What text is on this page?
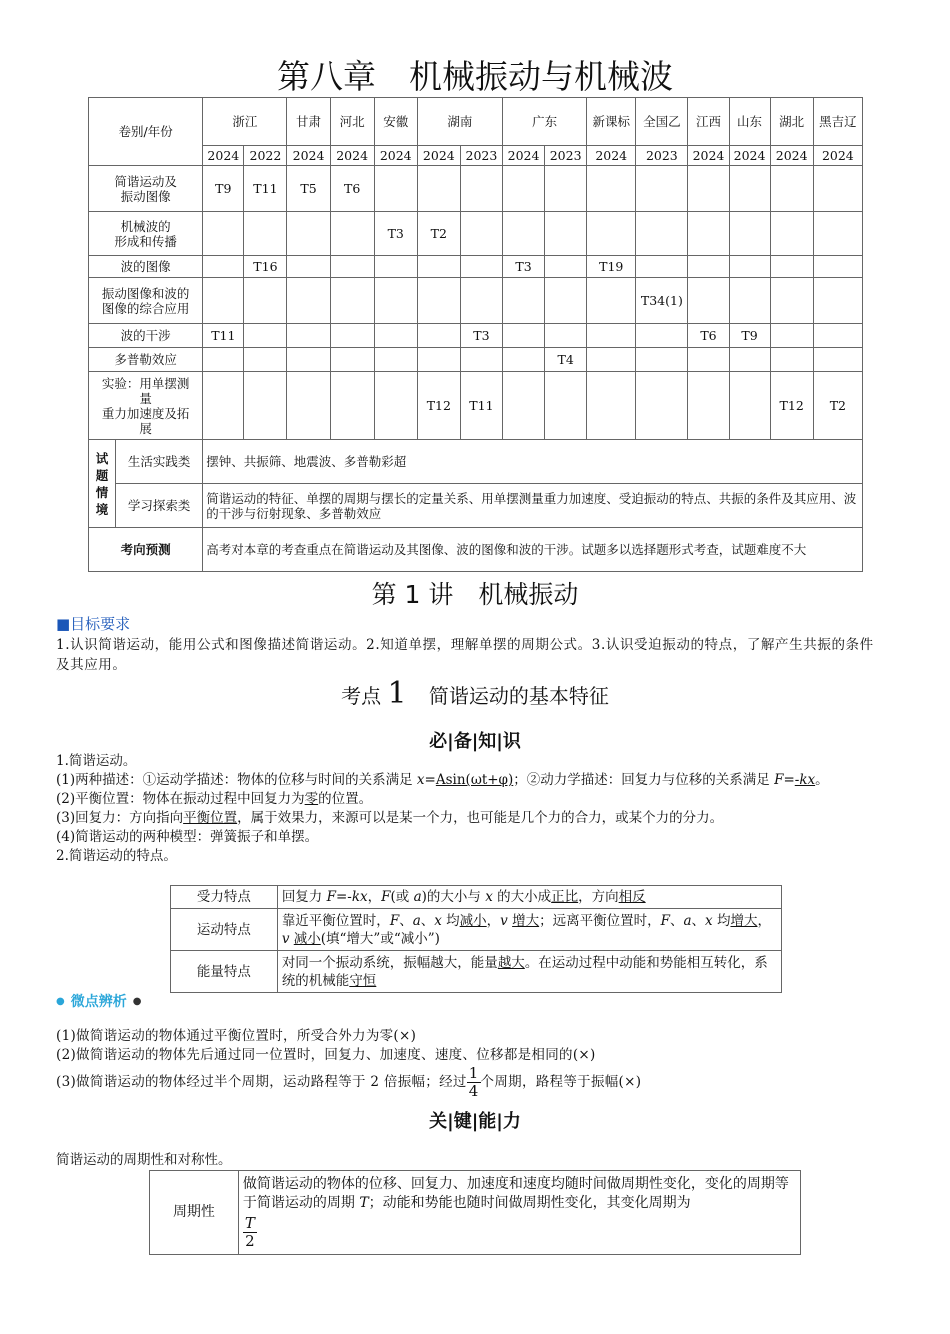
第八章　机械振动与机械波
卷别/年份		浙江		甘肃	河北	安徽	湖南		广东		新课标	全国乙	江西	山东	湖北	黑吉辽
		2024	2022	2024	2024	2024	2024	2023	2024	2023	2024	2023	2024	2024	2024	2024
简谐运动及
振动图像		T9	T11	T5	T6											
机械波的
形成和传播						T3	T2									
波的图像			T16						T3		T19					
振动图像和波的
图像的综合应用												T34(1)				
波的干涉		T11						T3					T6	T9		
多普勒效应										T4						
实验：用单摆测
量
重力加速度及拓
展							T12	T11							T12	T2
试题情境	生活实践类	摆钟、共振筛、地震波、多普勒彩超														
	学习探索类	简谐运动的特征、单摆的周期与摆长的定量关系、用单摆测量重力加速度、受迫振动的特点、共振的条件及其应用、波的干涉与衍射现象、多普勒效应														
考向预测		高考对本章的考查重点在简谐运动及其图像、波的图像和波的干涉。试题多以选择题形式考查，试题难度不大														
第 1 讲　机械振动
■目标要求
1.认识简谐运动，能用公式和图像描述简谐运动。2.知道单摆，理解单摆的周期公式。3.认识受迫振动的特点，了解产生共振的条件及其应用。
考点 1 简谐运动的基本特征
必|备|知|识
1.简谐运动。
(1)两种描述：①运动学描述：物体的位移与时间的关系满足 x=Asin(ωt+φ)；②动力学描述：回复力与位移的关系满足 F=-kx。
(2)平衡位置：物体在振动过程中回复力为零的位置。
(3)回复力：方向指向平衡位置，属于效果力，来源可以是某一个力，也可能是几个力的合力，或某个力的分力。
(4)简谐运动的两种模型：弹簧振子和单摆。
2.简谐运动的特点。
受力特点	回复力 F=-kx，F(或 a)的大小与 x 的大小成正比，方向相反
运动特点	靠近平衡位置时，F、a、x 均减小，v 增大；远离平衡位置时，F、a、x 均增大，v 减小(填“增大”或“减小”)
能量特点	对同一个振动系统，振幅越大，能量越大。在运动过程中动能和势能相互转化，系统的机械能守恒
● 微点辨析 ●
(1)做简谐运动的物体通过平衡位置时，所受合外力为零(×)
(2)做简谐运动的物体先后通过同一位置时，回复力、加速度、速度、位移都是相同的(×)
(3)做简谐运动的物体经过半个周期，运动路程等于 2 倍振幅；经过 $\frac{1}{4}$ 个周期，路程等于振幅(×)
关|键|能|力
简谐运动的周期性和对称性。
周期性	做简谐运动的物体的位移、回复力、加速度和速度均随时间做周期性变化，变化的周期等于简谐运动的周期 T；动能和势能也随时间做周期性变化，其变化周期为

$\frac{T}{2}$
